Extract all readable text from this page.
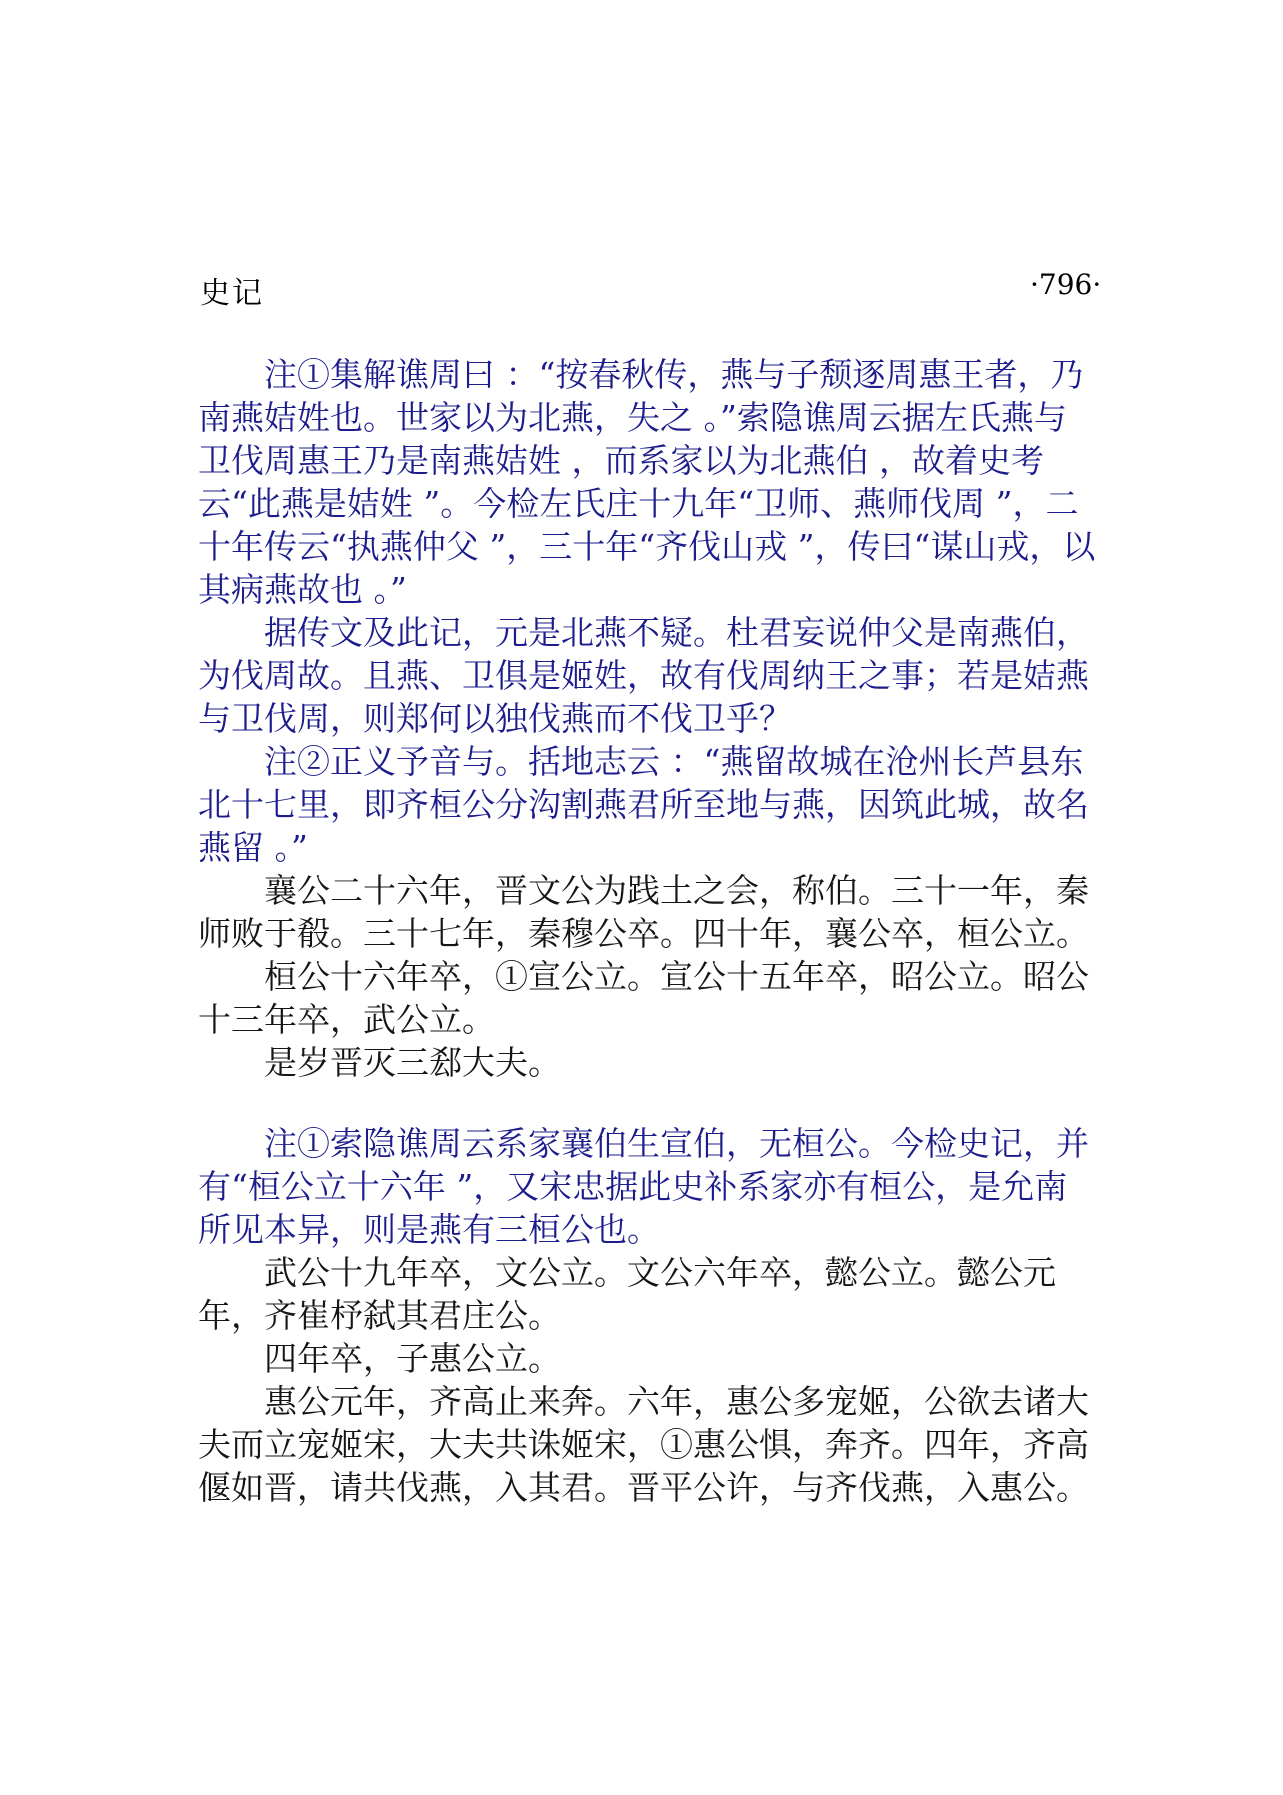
史记	·796·

注①集解谯周曰 ：“按春秋传，燕与子颓逐周惠王者，乃南燕姞姓也。世家以为北燕，失之 。”索隐谯周云据左氏燕与卫伐周惠王乃是南燕姞姓 ，而系家以为北燕伯 ，故着史考云“此燕是姞姓 ”。今检左氏庄十九年“卫师、燕师伐周 ”，二十年传云“执燕仲父 ”，三十年“齐伐山戎 ”，传曰“谋山戎，以其病燕故也 。”

据传文及此记，元是北燕不疑。杜君妄说仲父是南燕伯，为伐周故。且燕、卫俱是姬姓，故有伐周纳王之事；若是姞燕与卫伐周，则郑何以独伐燕而不伐卫乎？

注②正义予音与。括地志云 ：“燕留故城在沧州长芦县东北十七里，即齐桓公分沟割燕君所至地与燕，因筑此城，故名燕留 。”

襄公二十六年，晋文公为践土之会，称伯。三十一年，秦师败于殽。三十七年，秦穆公卒。四十年，襄公卒，桓公立。

桓公十六年卒，①宣公立。宣公十五年卒，昭公立。昭公十三年卒，武公立。

是岁晋灭三郄大夫。

注①索隐谯周云系家襄伯生宣伯，无桓公。今检史记，并有“桓公立十六年 ”，又宋忠据此史补系家亦有桓公，是允南所见本异，则是燕有三桓公也。

武公十九年卒，文公立。文公六年卒，懿公立。懿公元年，齐崔杼弑其君庄公。

四年卒，子惠公立。

惠公元年，齐高止来奔。六年，惠公多宠姬，公欲去诸大夫而立宠姬宋，大夫共诛姬宋，①惠公惧，奔齐。四年，齐高偃如晋，请共伐燕，入其君。晋平公许，与齐伐燕，入惠公。
